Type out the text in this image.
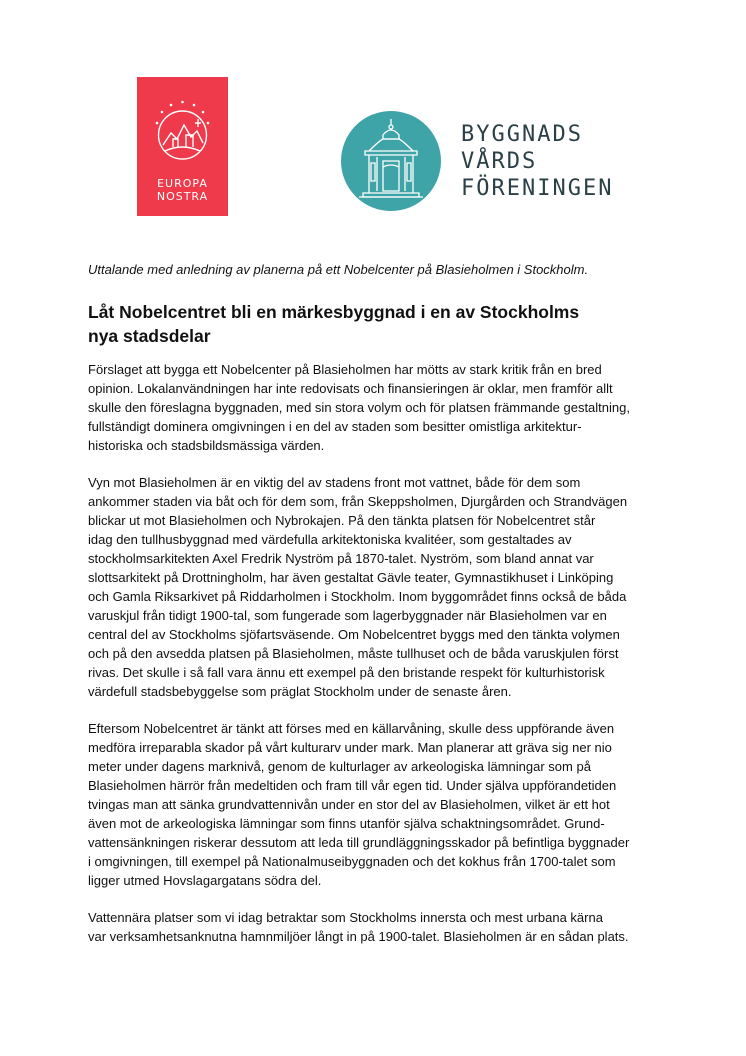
EUROPA
NOSTRA
BYGGNADS
VÅRDS
FÖRENINGEN
Uttalande med anledning av planerna på ett Nobelcenter på Blasieholmen i Stockholm.
Låt Nobelcentret bli en märkesbyggnad i en av Stockholms
nya stadsdelar

Förslaget att bygga ett Nobelcenter på Blasieholmen har mötts av stark kritik från en bred
opinion. Lokalanvändningen har inte redovisats och finansieringen är oklar, men framför allt
skulle den föreslagna byggnaden, med sin stora volym och för platsen främmande gestaltning,
fullständigt dominera omgivningen i en del av staden som besitter omistliga arkitektur-
historiska och stadsbildsmässiga värden.

Vyn mot Blasieholmen är en viktig del av stadens front mot vattnet, både för dem som
ankommer staden via båt och för dem som, från Skeppsholmen, Djurgården och Strandvägen
blickar ut mot Blasieholmen och Nybrokajen. På den tänkta platsen för Nobelcentret står
idag den tullhusbyggnad med värdefulla arkitektoniska kvalitéer, som gestaltades av
stockholmsarkitekten Axel Fredrik Nyström på 1870-talet. Nyström, som bland annat var
slottsarkitekt på Drottningholm, har även gestaltat Gävle teater, Gymnastikhuset i Linköping
och Gamla Riksarkivet på Riddarholmen i Stockholm. Inom byggområdet finns också de båda
varuskjul från tidigt 1900-tal, som fungerade som lagerbyggnader när Blasieholmen var en
central del av Stockholms sjöfartsväsende. Om Nobelcentret byggs med den tänkta volymen
och på den avsedda platsen på Blasieholmen, måste tullhuset och de båda varuskjulen först
rivas. Det skulle i så fall vara ännu ett exempel på den bristande respekt för kulturhistorisk
värdefull stadsbebyggelse som präglat Stockholm under de senaste åren.

Eftersom Nobelcentret är tänkt att förses med en källarvåning, skulle dess uppförande även
medföra irreparabla skador på vårt kulturarv under mark. Man planerar att gräva sig ner nio
meter under dagens marknivå, genom de kulturlager av arkeologiska lämningar som på
Blasieholmen härrör från medeltiden och fram till vår egen tid. Under själva uppförandetiden
tvingas man att sänka grundvattennivån under en stor del av Blasieholmen, vilket är ett hot
även mot de arkeologiska lämningar som finns utanför själva schaktningsområdet. Grund-
vattensänkningen riskerar dessutom att leda till grundläggningsskador på befintliga byggnader
i omgivningen, till exempel på Nationalmuseibyggnaden och det kokhus från 1700-talet som
ligger utmed Hovslagargatans södra del.

Vattennära platser som vi idag betraktar som Stockholms innersta och mest urbana kärna
var verksamhetsanknutna hamnmiljöer långt in på 1900-talet. Blasieholmen är en sådan plats.
